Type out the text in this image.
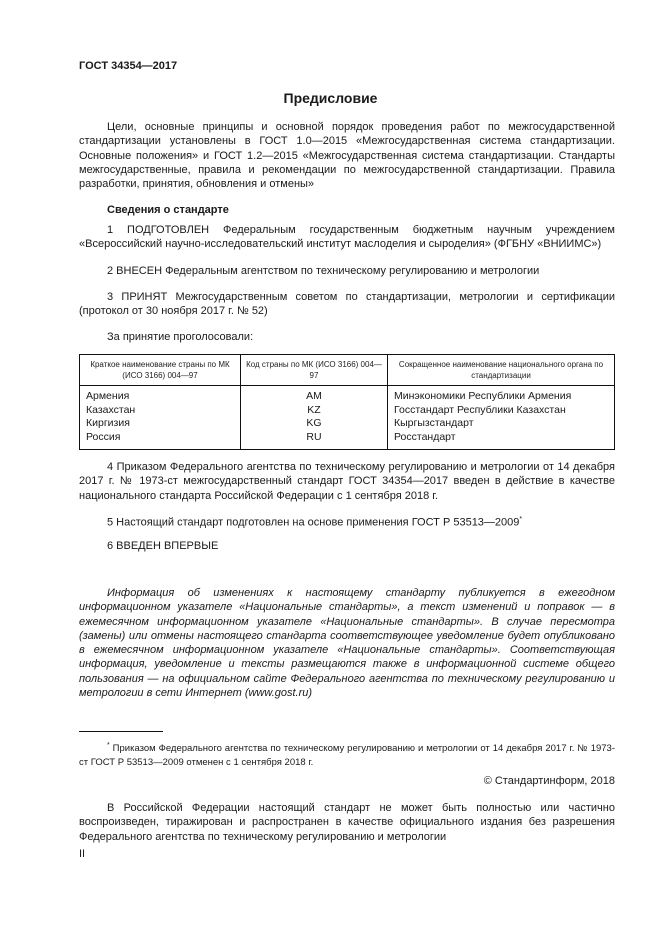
ГОСТ 34354—2017
Предисловие

Цели, основные принципы и основной порядок проведения работ по межгосударственной стандартизации установлены в ГОСТ 1.0—2015 «Межгосударственная система стандартизации. Основные положения» и ГОСТ 1.2—2015 «Межгосударственная система стандартизации. Стандарты межгосударственные, правила и рекомендации по межгосударственной стандартизации. Правила разработки, принятия, обновления и отмены»

Сведения о стандарте

1 ПОДГОТОВЛЕН Федеральным государственным бюджетным научным учреждением «Всероссийский научно-исследовательский институт маслоделия и сыроделия» (ФГБНУ «ВНИИМС»)

2 ВНЕСЕН Федеральным агентством по техническому регулированию и метрологии

3 ПРИНЯТ Межгосударственным советом по стандартизации, метрологии и сертификации (протокол от 30 ноября 2017 г. № 52)

За принятие проголосовали:

Краткое наименование страны по МК (ИСО 3166) 004—97	Код страны по МК (ИСО 3166) 004—97	Сокращенное наименование национального органа по стандартизации
Армения	AM	Минэкономики Республики Армения
Казахстан	KZ	Госстандарт Республики Казахстан
Киргизия	KG	Кыргызстандарт
Россия	RU	Росстандарт

4 Приказом Федерального агентства по техническому регулированию и метрологии от 14 декабря 2017 г. № 1973-ст межгосударственный стандарт ГОСТ 34354—2017 введен в действие в качестве национального стандарта Российской Федерации с 1 сентября 2018 г.

5 Настоящий стандарт подготовлен на основе применения ГОСТ Р 53513—2009*

6 ВВЕДЕН ВПЕРВЫЕ

Информация об изменениях к настоящему стандарту публикуется в ежегодном информационном указателе «Национальные стандарты», а текст изменений и поправок — в ежемесячном информационном указателе «Национальные стандарты». В случае пересмотра (замены) или отмены настоящего стандарта соответствующее уведомление будет опубликовано в ежемесячном информационном указателе «Национальные стандарты». Соответствующая информация, уведомление и тексты размещаются также в информационной системе общего пользования — на официальном сайте Федерального агентства по техническому регулированию и метрологии в сети Интернет (www.gost.ru)

* Приказом Федерального агентства по техническому регулированию и метрологии от 14 декабря 2017 г. № 1973-ст ГОСТ Р 53513—2009 отменен с 1 сентября 2018 г.

© Стандартинформ, 2018

В Российской Федерации настоящий стандарт не может быть полностью или частично воспроизведен, тиражирован и распространен в качестве официального издания без разрешения Федерального агентства по техническому регулированию и метрологии

II
